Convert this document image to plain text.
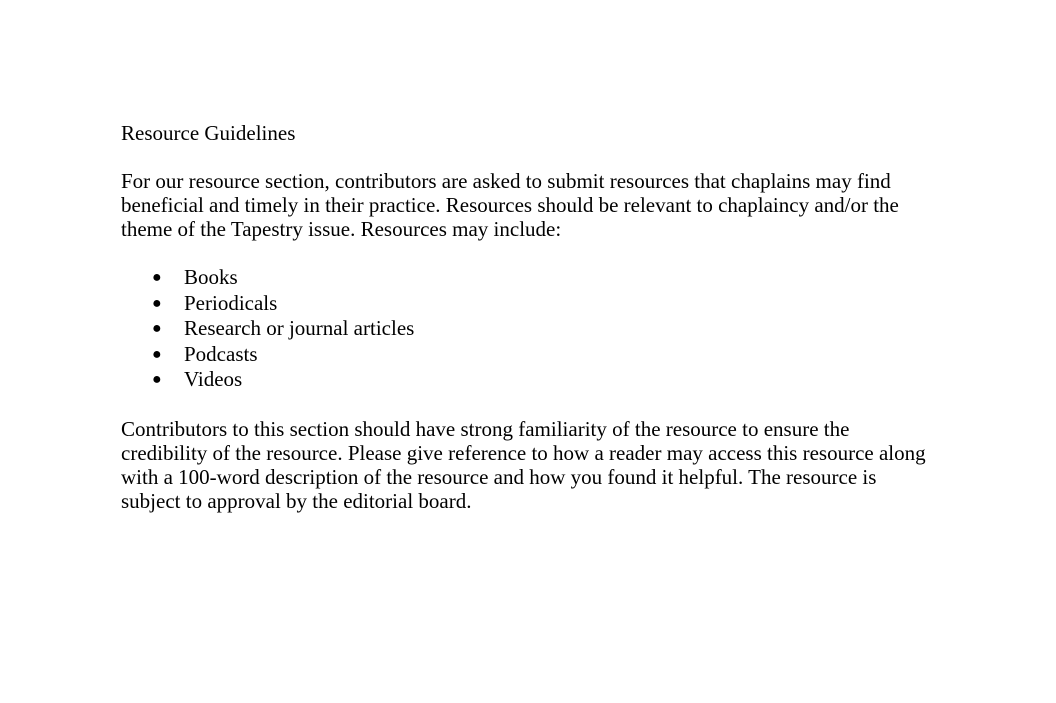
Resource Guidelines

For our resource section, contributors are asked to submit resources that chaplains may find beneficial and timely in their practice. Resources should be relevant to chaplaincy and/or the theme of the Tapestry issue. Resources may include:

● Books
● Periodicals
● Research or journal articles
● Podcasts
● Videos

Contributors to this section should have strong familiarity of the resource to ensure the credibility of the resource. Please give reference to how a reader may access this resource along with a 100-word description of the resource and how you found it helpful. The resource is subject to approval by the editorial board.
